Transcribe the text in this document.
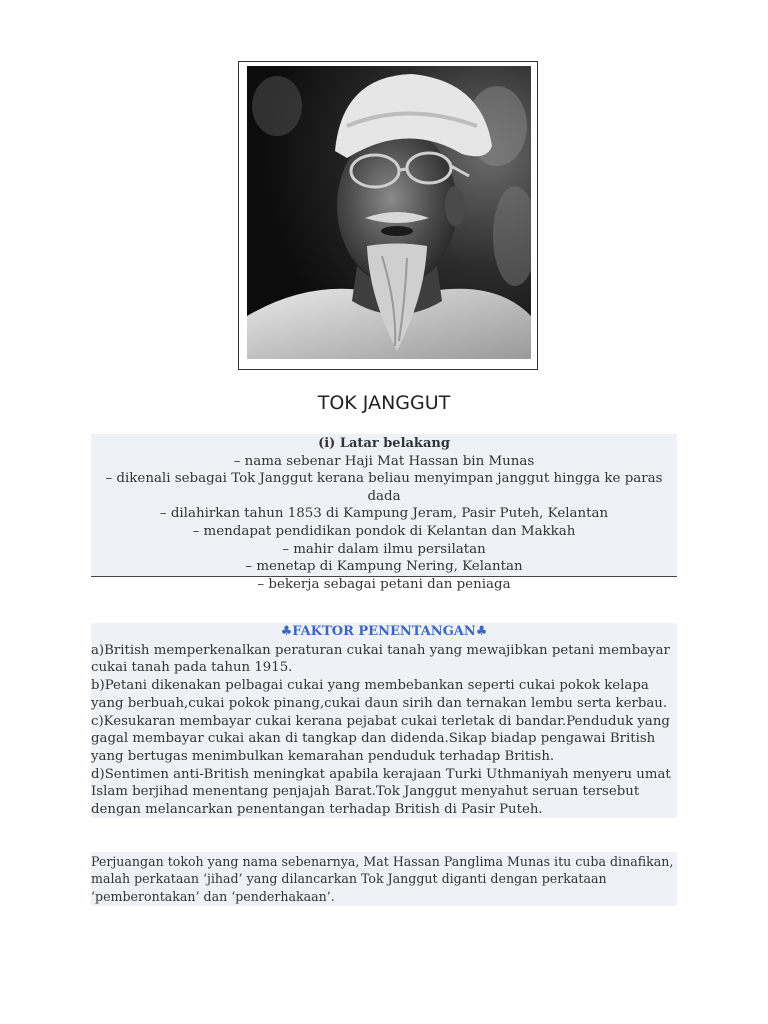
TOK JANGGUT
(i) Latar belakang
– nama sebenar Haji Mat Hassan bin Munas
– dikenali sebagai Tok Janggut kerana beliau menyimpan janggut hingga ke paras dada
– dilahirkan tahun 1853 di Kampung Jeram, Pasir Puteh, Kelantan
– mendapat pendidikan pondok di Kelantan dan Makkah
– mahir dalam ilmu persilatan
– menetap di Kampung Nering, Kelantan
– bekerja sebagai petani dan peniaga
♣FAKTOR PENENTANGAN♣

a)British memperkenalkan peraturan cukai tanah yang mewajibkan petani membayar cukai tanah pada tahun 1915.

b)Petani dikenakan pelbagai cukai yang membebankan seperti cukai pokok kelapa yang berbuah,cukai pokok pinang,cukai daun sirih dan ternakan lembu serta kerbau.

c)Kesukaran membayar cukai kerana pejabat cukai terletak di bandar.Penduduk yang gagal membayar cukai akan di tangkap dan didenda.Sikap biadap pengawai British yang bertugas menimbulkan kemarahan penduduk terhadap British.

d)Sentimen anti-British meningkat apabila kerajaan Turki Uthmaniyah menyeru umat Islam berjihad menentang penjajah Barat.Tok Janggut menyahut seruan tersebut dengan melancarkan penentangan terhadap British di Pasir Puteh.

Perjuangan tokoh yang nama sebenarnya, Mat Hassan Panglima Munas itu cuba dinafikan, malah perkataan ‘jihad’ yang dilancarkan Tok Janggut diganti dengan perkataan ‘pemberontakan’ dan ‘penderhakaan’.
